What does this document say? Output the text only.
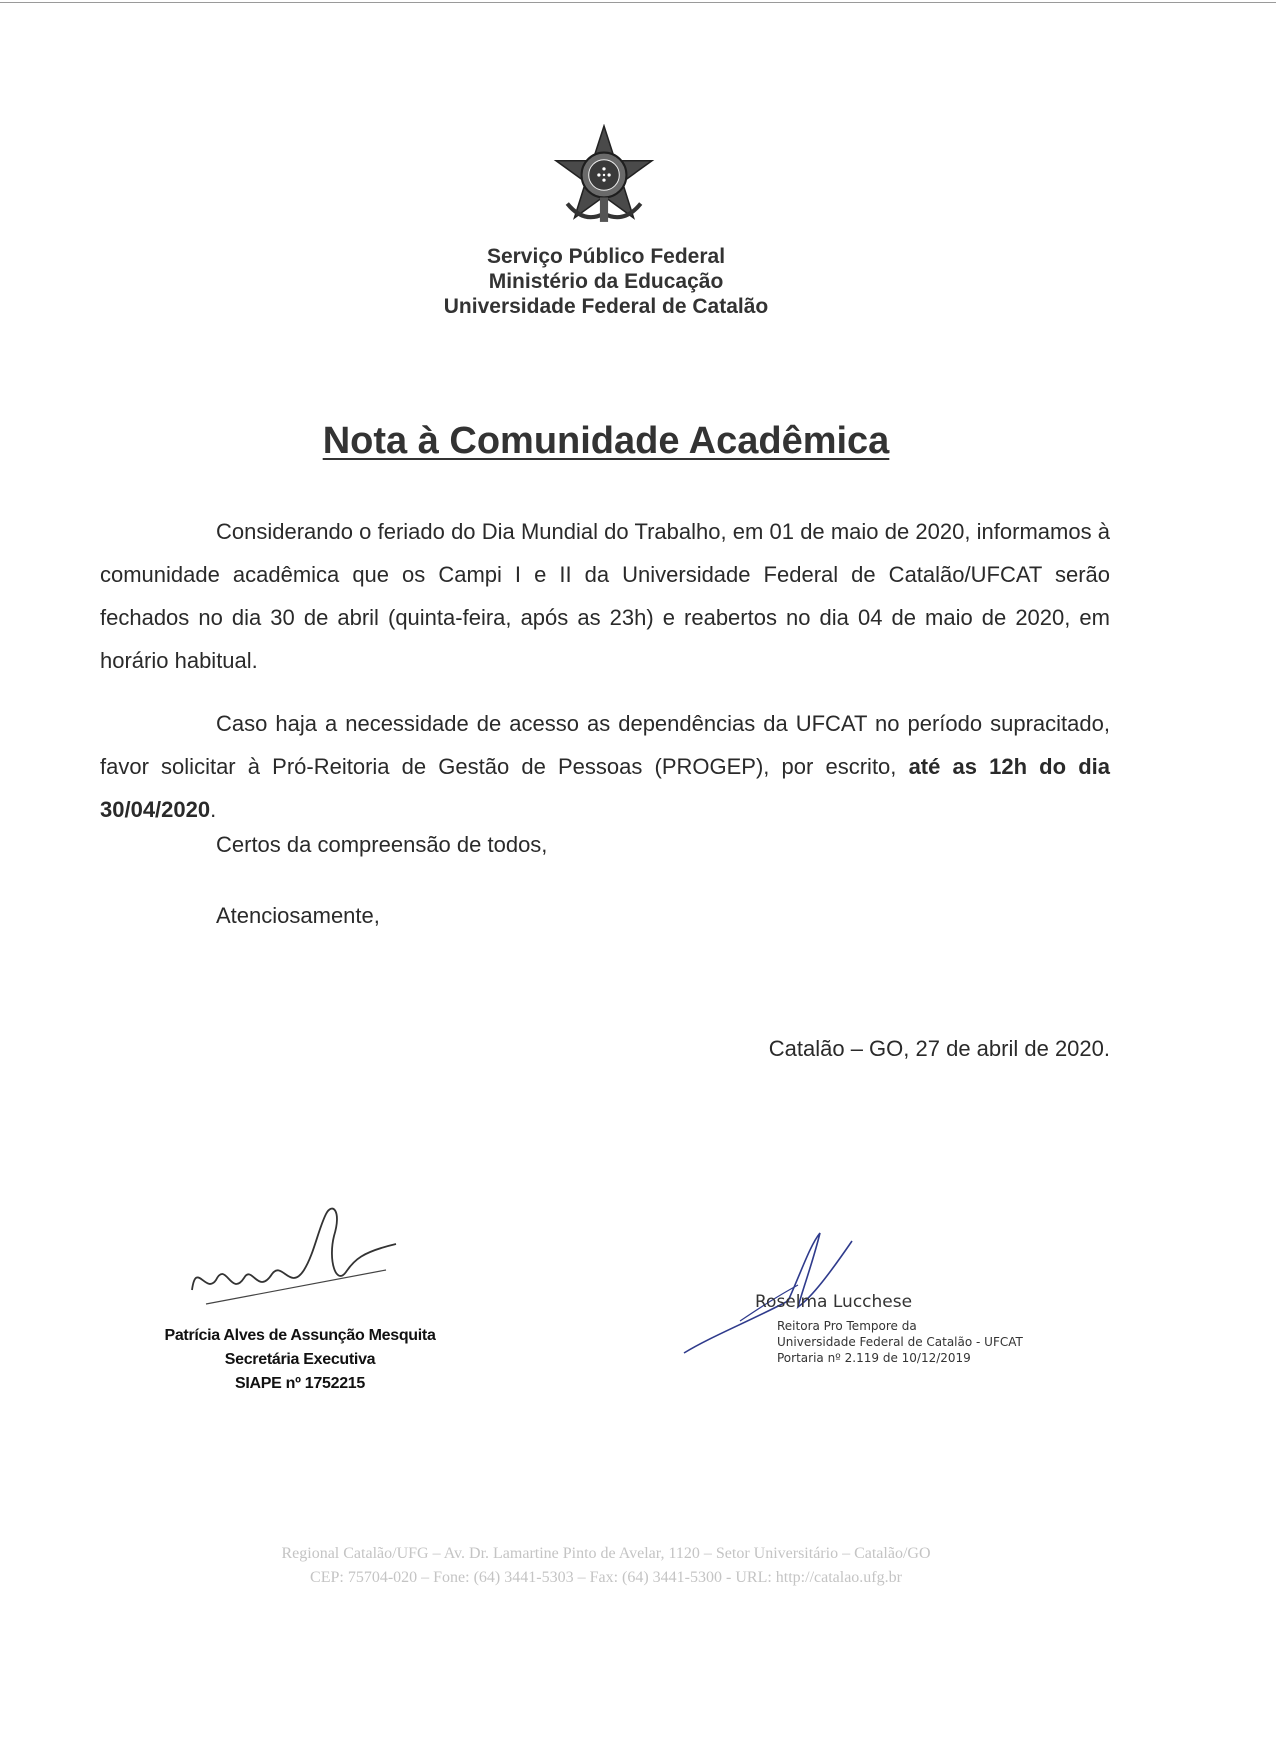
Serviço Público Federal
Ministério da Educação
Universidade Federal de Catalão
Nota à Comunidade Acadêmica
Considerando o feriado do Dia Mundial do Trabalho, em 01 de maio de 2020, informamos à comunidade acadêmica que os Campi I e II da Universidade Federal de Catalão/UFCAT serão fechados no dia 30 de abril (quinta-feira, após as 23h) e reabertos no dia 04 de maio de 2020, em horário habitual.
Caso haja a necessidade de acesso as dependências da UFCAT no período supracitado, favor solicitar à Pró-Reitoria de Gestão de Pessoas (PROGEP), por escrito, até as 12h do dia 30/04/2020.
Certos da compreensão de todos,
Atenciosamente,
Catalão – GO, 27 de abril de 2020.
Patrícia Alves de Assunção Mesquita
Secretária Executiva
SIAPE nº 1752215
Roselma Lucchese
Reitora Pro Tempore da
Universidade Federal de Catalão - UFCAT
Portaria nº 2.119 de 10/12/2019
Regional Catalão/UFG – Av. Dr. Lamartine Pinto de Avelar, 1120 – Setor Universitário – Catalão/GO
CEP: 75704-020 – Fone: (64) 3441-5303 – Fax: (64) 3441-5300 - URL: http://catalao.ufg.br
